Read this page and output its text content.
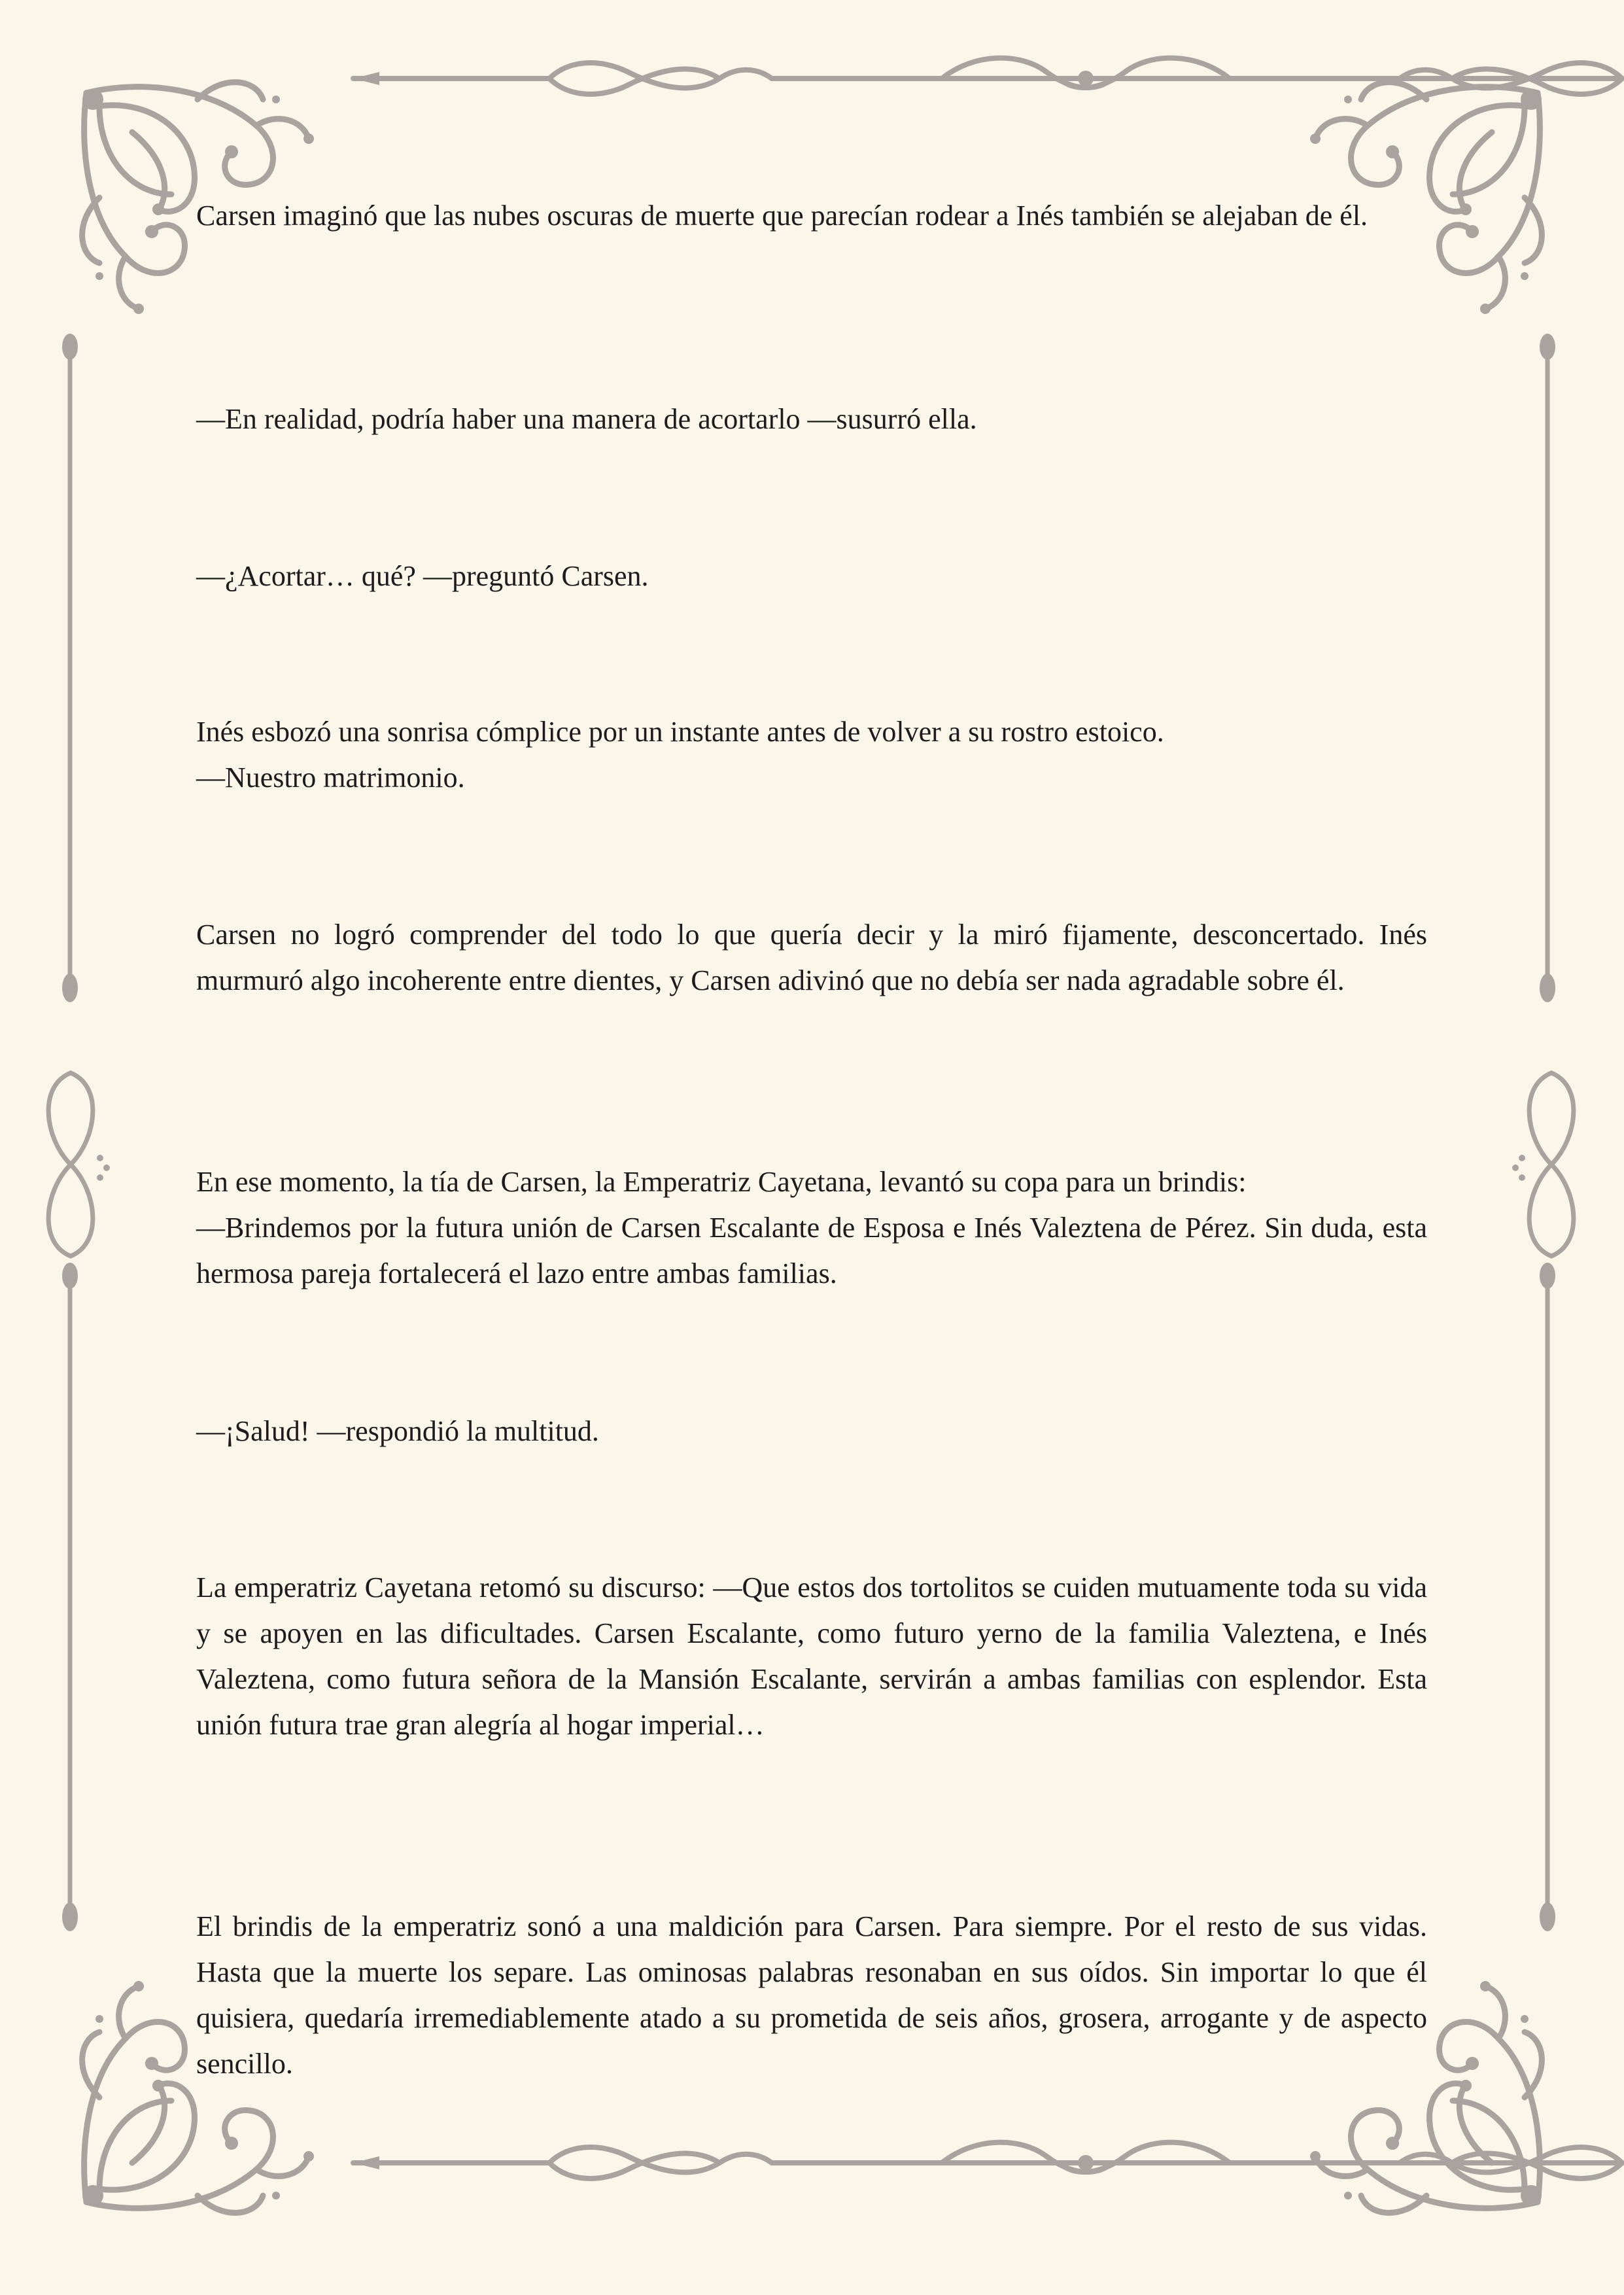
Carsen imaginó que las nubes oscuras de muerte que parecían rodear a Inés también se alejaban de él.

—En realidad, podría haber una manera de acortarlo —susurró ella.

—¿Acortar… qué? —preguntó Carsen.

Inés esbozó una sonrisa cómplice por un instante antes de volver a su rostro estoico.
—Nuestro matrimonio.

Carsen no logró comprender del todo lo que quería decir y la miró fijamente, desconcertado. Inés murmuró algo incoherente entre dientes, y Carsen adivinó que no debía ser nada agradable sobre él.

En ese momento, la tía de Carsen, la Emperatriz Cayetana, levantó su copa para un brindis:
—Brindemos por la futura unión de Carsen Escalante de Esposa e Inés Valeztena de Pérez. Sin duda, esta hermosa pareja fortalecerá el lazo entre ambas familias.

—¡Salud! —respondió la multitud.

La emperatriz Cayetana retomó su discurso: —Que estos dos tortolitos se cuiden mutuamente toda su vida y se apoyen en las dificultades. Carsen Escalante, como futuro yerno de la familia Valeztena, e Inés Valeztena, como futura señora de la Mansión Escalante, servirán a ambas familias con esplendor. Esta unión futura trae gran alegría al hogar imperial…

El brindis de la emperatriz sonó a una maldición para Carsen. Para siempre. Por el resto de sus vidas. Hasta que la muerte los separe. Las ominosas palabras resonaban en sus oídos. Sin importar lo que él quisiera, quedaría irremediablemente atado a su prometida de seis años, grosera, arrogante y de aspecto sencillo.
